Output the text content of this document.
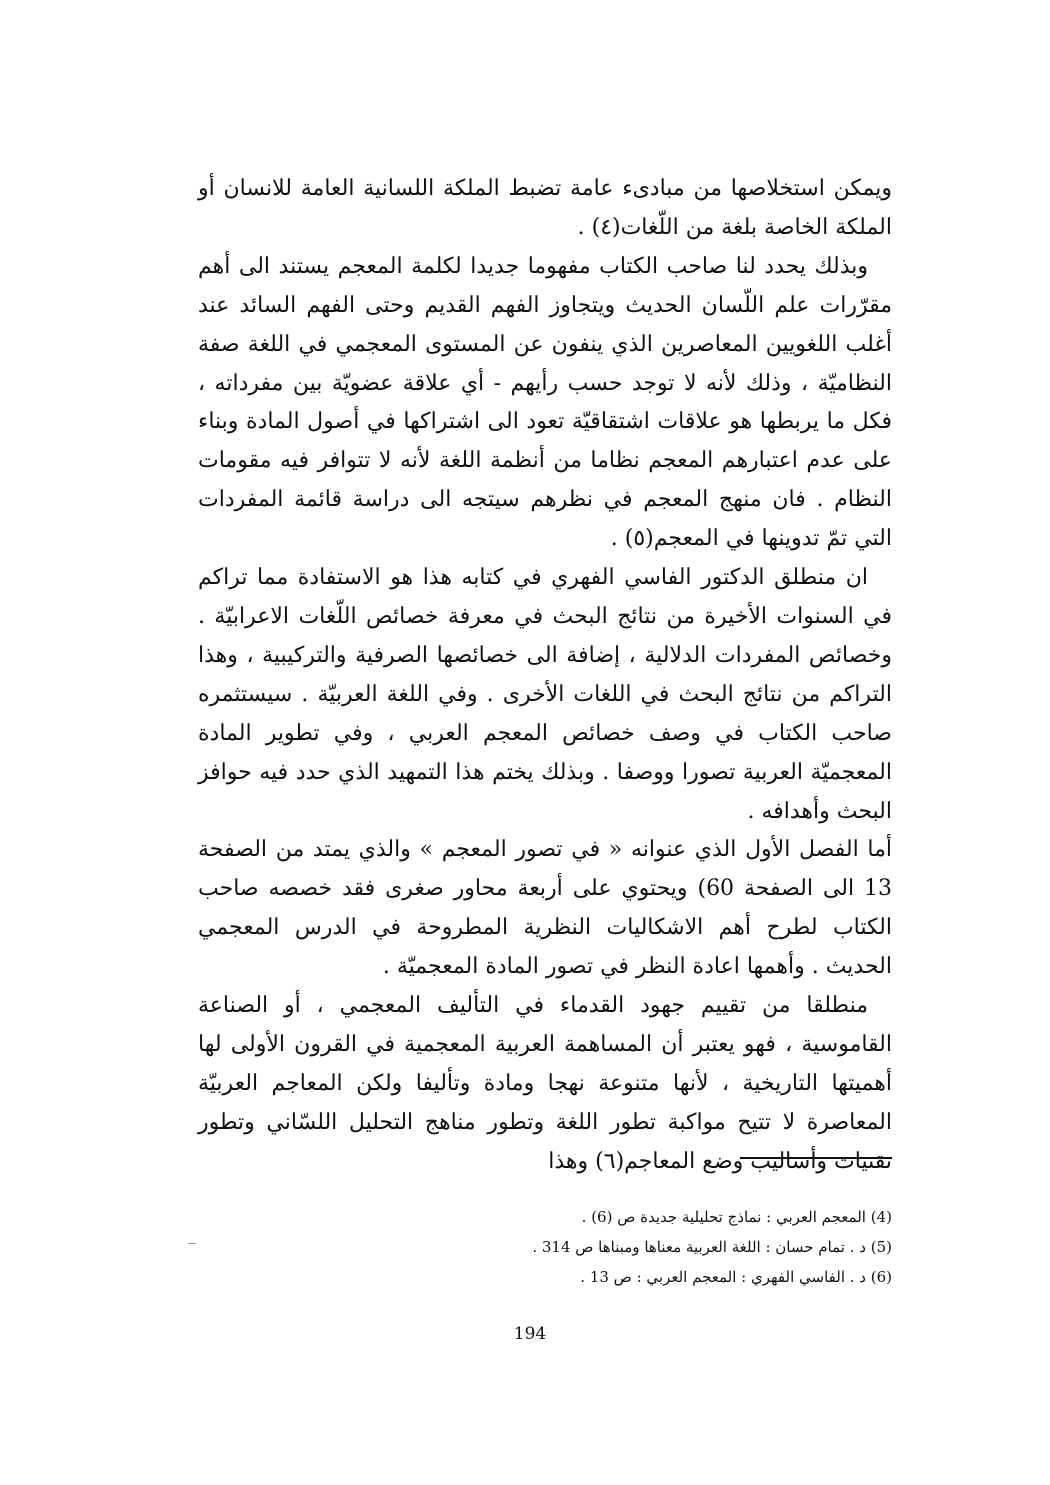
ويمكن استخلاصها من مبادىء عامة تضبط الملكة اللسانية العامة للانسان أو الملكة الخاصة بلغة من اللّغات(٤) .

وبذلك يحدد لنا صاحب الكتاب مفهوما جديدا لكلمة المعجم يستند الى أهم مقرّرات علم اللّسان الحديث ويتجاوز الفهم القديم وحتى الفهم السائد عند أغلب اللغويين المعاصرين الذي ينفون عن المستوى المعجمي في اللغة صفة النظاميّة ، وذلك لأنه لا توجد حسب رأيهم - أي علاقة عضويّة بين مفرداته ، فكل ما يربطها هو علاقات اشتقاقيّة تعود الى اشتراكها في أصول المادة وبناء على عدم اعتبارهم المعجم نظاما من أنظمة اللغة لأنه لا تتوافر فيه مقومات النظام . فان منهج المعجم في نظرهم سيتجه الى دراسة قائمة المفردات التي تمّ تدوينها في المعجم(٥) .

ان منطلق الدكتور الفاسي الفهري في كتابه هذا هو الاستفادة مما تراكم في السنوات الأخيرة من نتائج البحث في معرفة خصائص اللّغات الاعرابيّة . وخصائص المفردات الدلالية ، إضافة الى خصائصها الصرفية والتركيبية ، وهذا التراكم من نتائج البحث في اللغات الأخرى . وفي اللغة العربيّة . سيستثمره صاحب الكتاب في وصف خصائص المعجم العربي ، وفي تطوير المادة المعجميّة العربية تصورا ووصفا . وبذلك يختم هذا التمهيد الذي حدد فيه حوافز البحث وأهدافه .

أما الفصل الأول الذي عنوانه « في تصور المعجم » والذي يمتد من الصفحة 13 الى الصفحة 60) ويحتوي على أربعة محاور صغرى فقد خصصه صاحب الكتاب لطرح أهم الاشكاليات النظرية المطروحة في الدرس المعجمي الحديث . وأهمها اعادة النظر في تصور المادة المعجميّة .

منطلقا من تقييم جهود القدماء في التأليف المعجمي ، أو الصناعة القاموسية ، فهو يعتبر أن المساهمة العربية المعجمية في القرون الأولى لها أهميتها التاريخية ، لأنها متنوعة نهجا ومادة وتأليفا ولكن المعاجم العربيّة المعاصرة لا تتيح مواكبة تطور اللغة وتطور مناهج التحليل اللسّاني وتطور تقنيات وأساليب وضع المعاجم(٦) وهذا

(4) المعجم العربي : نماذج تحليلية جديدة ص (6) .

(5) د . تمام حسان : اللغة العربية معناها ومبناها ص 314 .

(6) د . الفاسي الفهري : المعجم العربي : ص 13 .

194
